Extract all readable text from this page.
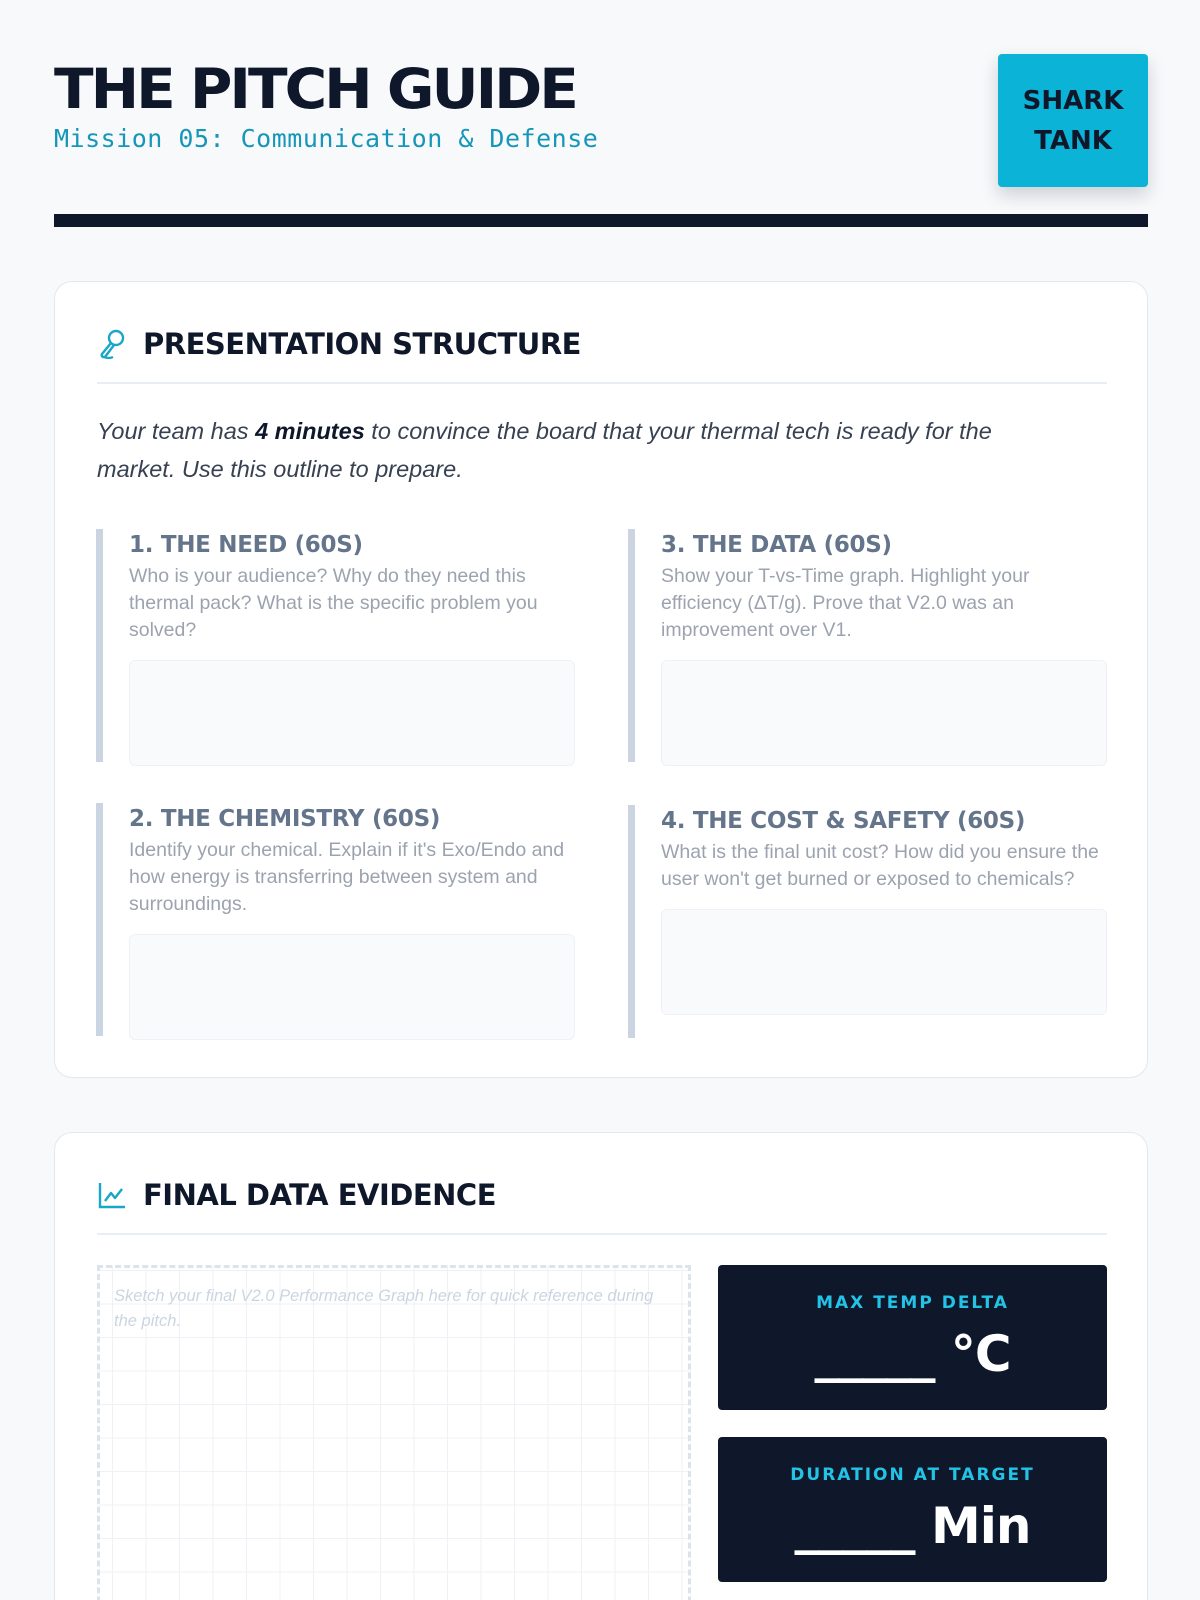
THE PITCH GUIDE
Mission 05: Communication & Defense
SHARK
TANK
PRESENTATION STRUCTURE
Your team has 4 minutes to convince the board that your thermal tech is ready for the market. Use this outline to prepare.
1. THE NEED (60S)
Who is your audience? Why do they need this thermal pack? What is the specific problem you solved?
2. THE CHEMISTRY (60S)
Identify your chemical. Explain if it's Exo/Endo and how energy is transferring between system and surroundings.
3. THE DATA (60S)
Show your T-vs-Time graph. Highlight your efficiency (ΔT/g). Prove that V2.0 was an improvement over V1.
4. THE COST & SAFETY (60S)
What is the final unit cost? How did you ensure the user won't get burned or exposed to chemicals?
FINAL DATA EVIDENCE
Sketch your final V2.0 Performance Graph here for quick reference during the pitch.
MAX TEMP DELTA
_____ °C
DURATION AT TARGET
_____ Min
